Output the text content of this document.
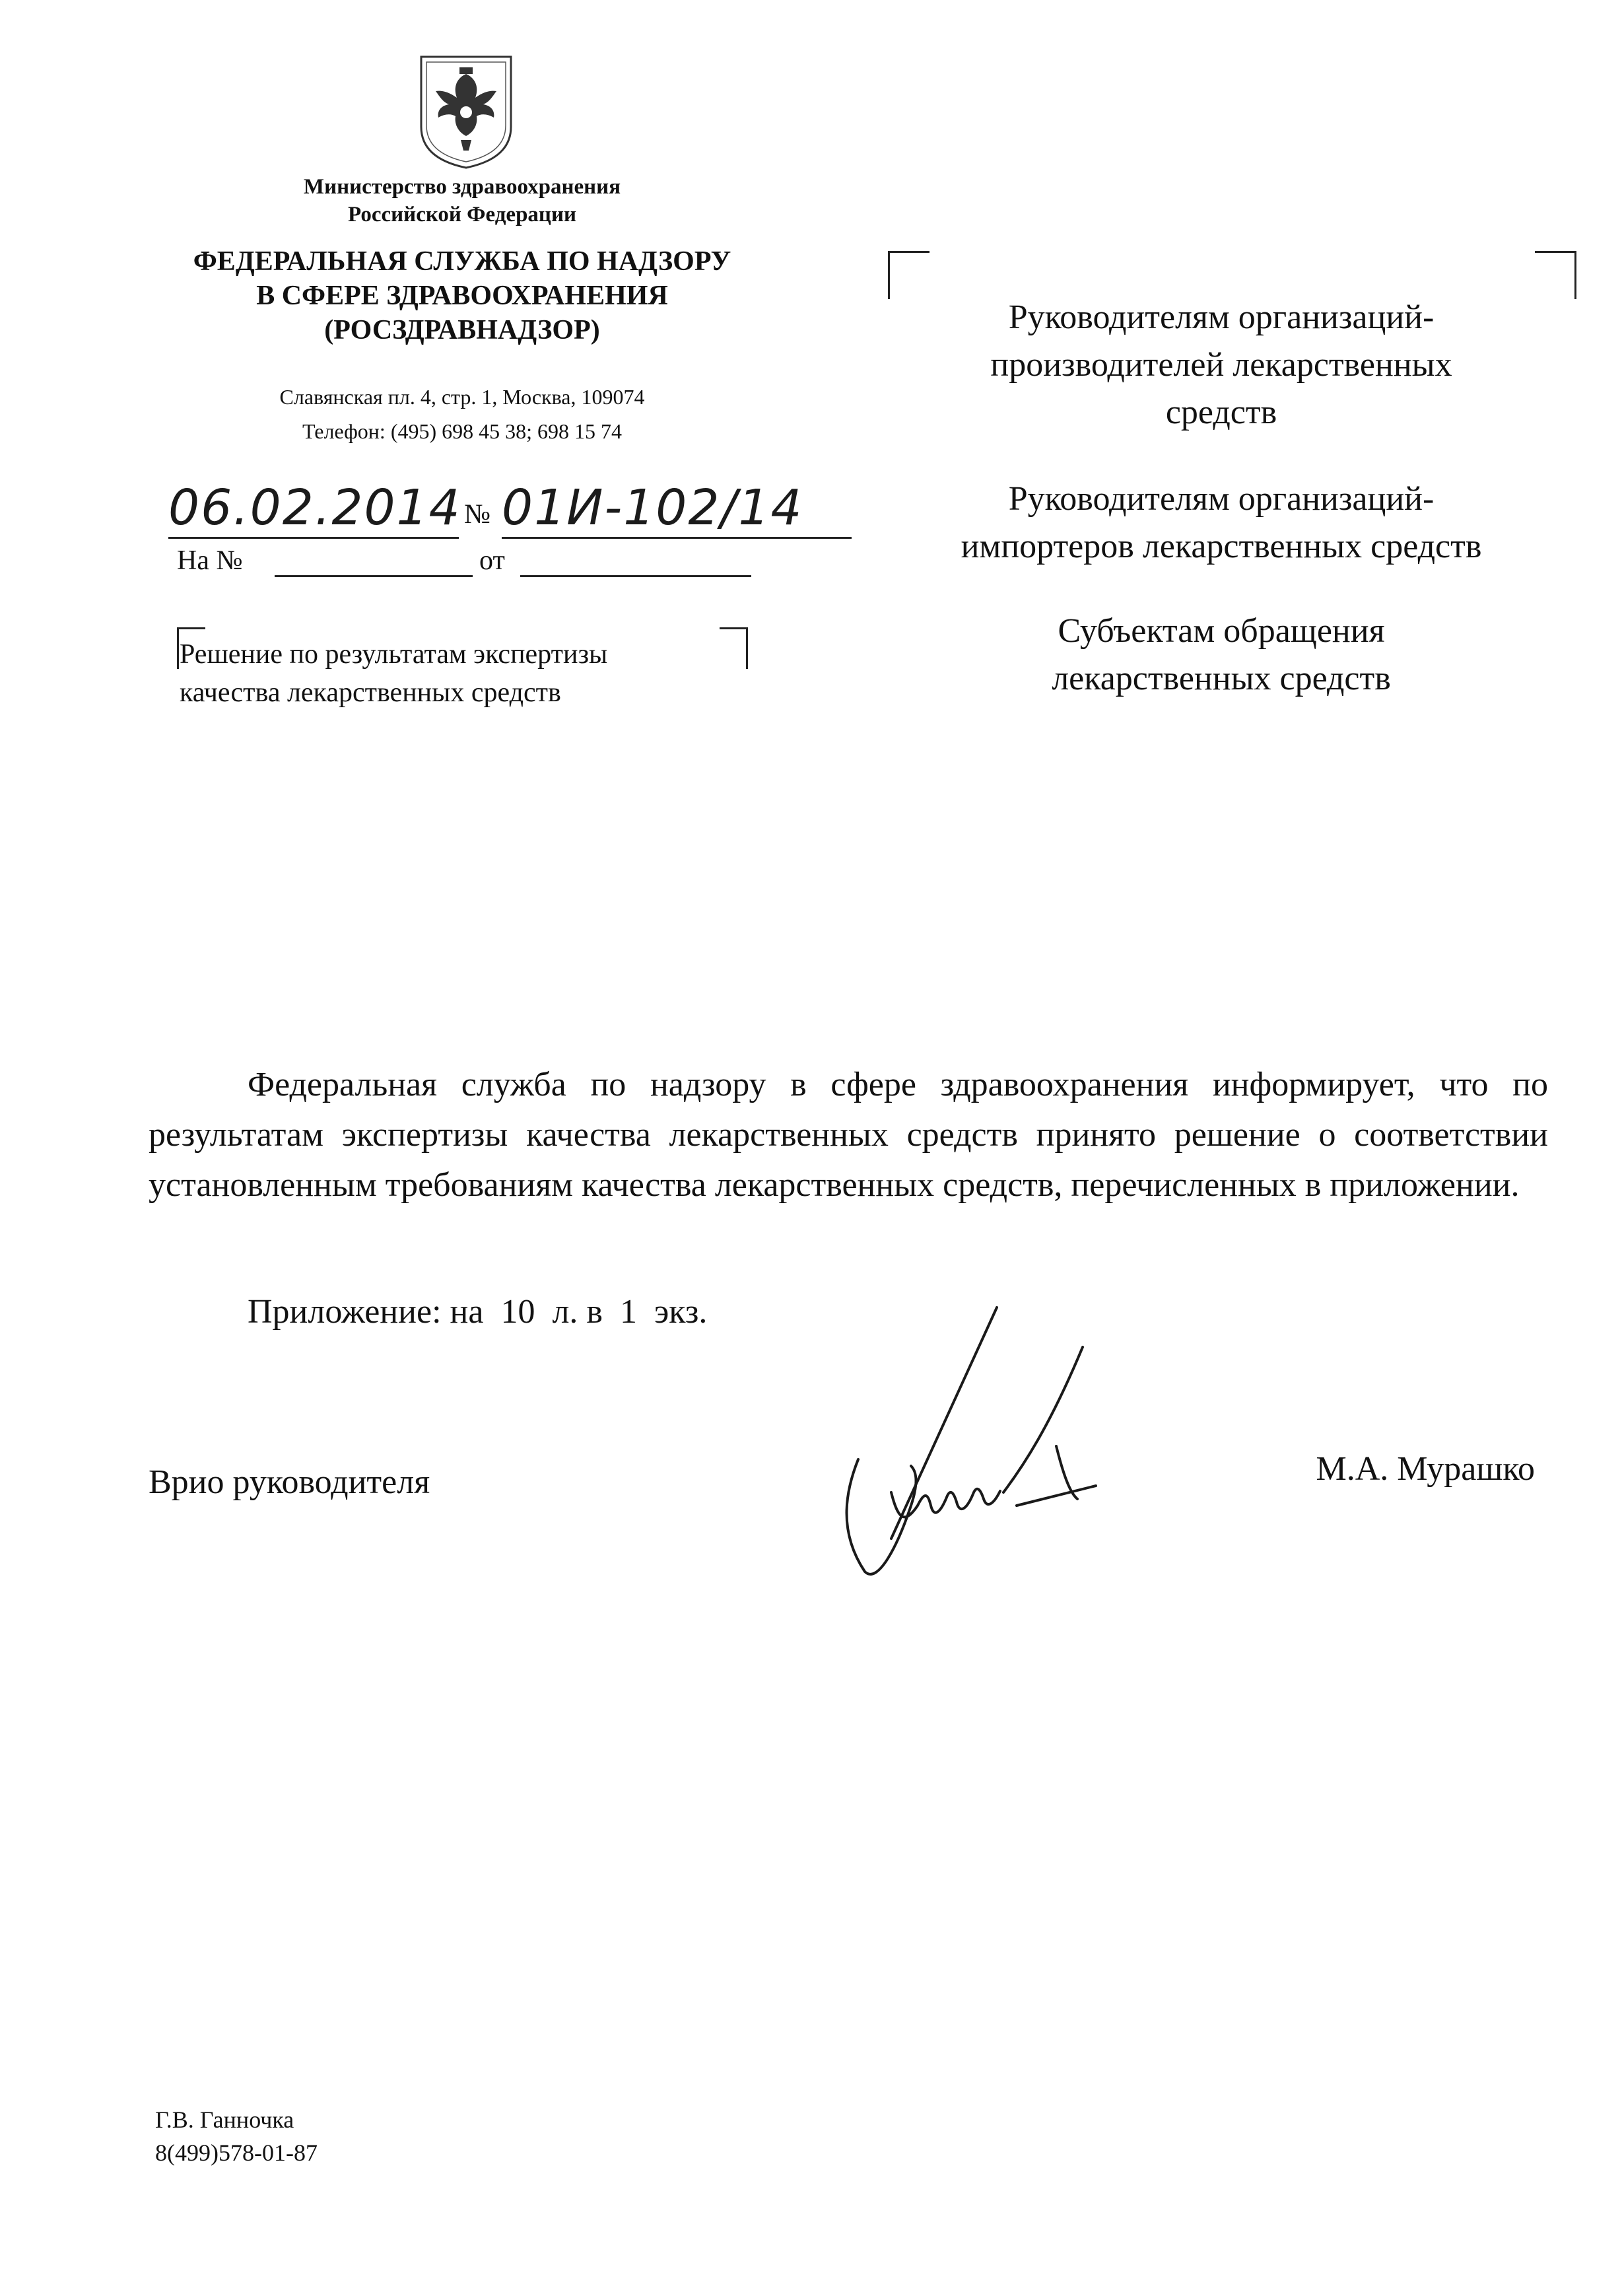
Министерство здравоохранения
Российской Федерации
ФЕДЕРАЛЬНАЯ СЛУЖБА ПО НАДЗОРУ
В СФЕРЕ ЗДРАВООХРАНЕНИЯ
(РОСЗДРАВНАДЗОР)
Славянская пл. 4, стр. 1, Москва, 109074
Телефон: (495) 698 45 38; 698 15 74
06.02.2014 № 01И-102/14
На №	от
Решение по результатам экспертизы
качества лекарственных средств
Руководителям организаций-
производителей лекарственных
средств
Руководителям организаций-
импортеров лекарственных средств
Субъектам обращения
лекарственных средств

Федеральная служба по надзору в сфере здравоохранения информирует, что по результатам экспертизы качества лекарственных средств принято решение о соответствии установленным требованиям качества лекарственных средств, перечисленных в приложении.

Приложение: на  10  л. в  1  экз.
Врио руководителя	М.А. Мурашко
Г.В. Ганночка
8(499)578-01-87
